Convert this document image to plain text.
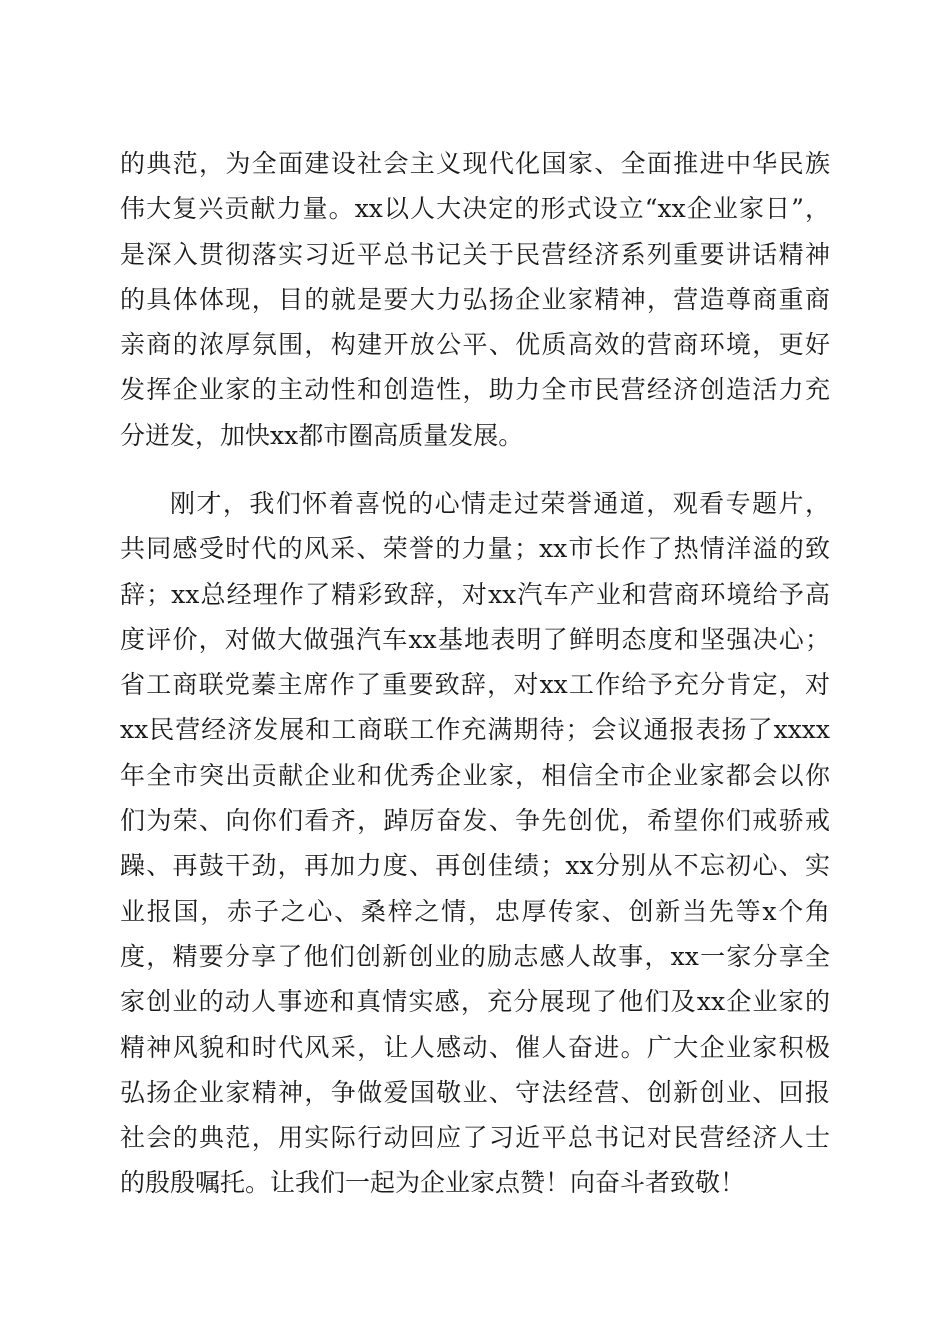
的典范，为全面建设社会主义现代化国家、全面推进中华民族
伟大复兴贡献力量。xx以人大决定的形式设立“xx企业家日”，
是深入贯彻落实习近平总书记关于民营经济系列重要讲话精神
的具体体现，目的就是要大力弘扬企业家精神，营造尊商重商
亲商的浓厚氛围，构建开放公平、优质高效的营商环境，更好
发挥企业家的主动性和创造性，助力全市民营经济创造活力充
分迸发，加快xx都市圈高质量发展。
刚才，我们怀着喜悦的心情走过荣誉通道，观看专题片，
共同感受时代的风采、荣誉的力量；xx市长作了热情洋溢的致
辞；xx总经理作了精彩致辞，对xx汽车产业和营商环境给予高
度评价，对做大做强汽车xx基地表明了鲜明态度和坚强决心；
省工商联党蓁主席作了重要致辞，对xx工作给予充分肯定，对
xx民营经济发展和工商联工作充满期待；会议通报表扬了xxxx
年全市突出贡献企业和优秀企业家，相信全市企业家都会以你
们为荣、向你们看齐，踔厉奋发、争先创优，希望你们戒骄戒
躁、再鼓干劲，再加力度、再创佳绩；xx分别从不忘初心、实
业报国，赤子之心、桑梓之情，忠厚传家、创新当先等x个角
度，精要分享了他们创新创业的励志感人故事，xx一家分享全
家创业的动人事迹和真情实感，充分展现了他们及xx企业家的
精神风貌和时代风采，让人感动、催人奋进。广大企业家积极
弘扬企业家精神，争做爱国敬业、守法经营、创新创业、回报
社会的典范，用实际行动回应了习近平总书记对民营经济人士
的殷殷嘱托。让我们一起为企业家点赞！向奋斗者致敬！
